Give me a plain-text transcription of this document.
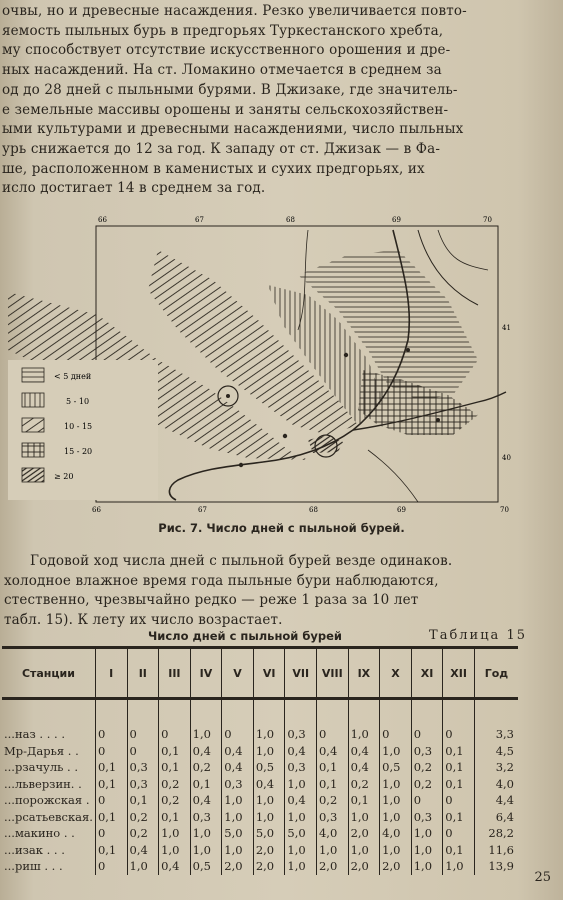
очвы, но и древесные насаждения. Резко увеличивается повто-
яемость пыльных бурь в предгорьях Туркестанского хребта,
му способствует отсутствие искусственного орошения и дре-
ных насаждений. На ст. Ломакино отмечается в среднем за
од до 28 дней с пыльными бурями. В Джизаке, где значитель-
е земельные массивы орошены и заняты сельскохозяйствен-
ыми культурами и древесными насаждениями, число пыльных
урь снижается до 12 за год. К западу от ст. Джизак — в Фа-
ше, расположенном в каменистых и сухих предгорьях, их
исло достигает 14 в среднем за год.
66	67	68	69	70
66	67	68	69	70
41
40
< 5 дней
5 - 10
10 - 15
15 - 20
≥ 20
Рис. 7. Число дней с пыльной бурей.
Годовой ход числа дней с пыльной бурей везде одинаков.
холодное влажное время года пыльные бури наблюдаются,
стественно, чрезвычайно редко — реже 1 раза за 10 лет
табл. 15). К лету их число возрастает.
Число дней с пыльной бурей	Таблица 15
Станции	I	II	III	IV	V	VI	VII	VIII	IX	X	XI	XII	Год

...наз . . . .	0	0	0	1,0	0	1,0	0,3	0	1,0	0	0	0	3,3
Мр-Дарья . .	0	0	0,1	0,4	0,4	1,0	0,4	0,4	0,4	1,0	0,3	0,1	4,5
...рзачуль . .	0,1	0,3	0,1	0,2	0,4	0,5	0,3	0,1	0,4	0,5	0,2	0,1	3,2
...льверзин. .	0,1	0,3	0,2	0,1	0,3	0,4	1,0	0,1	0,2	1,0	0,2	0,1	4,0
...порожская .	0	0,1	0,2	0,4	1,0	1,0	0,4	0,2	0,1	1,0	0	0	4,4
...рсатьевская.	0,1	0,2	0,1	0,3	1,0	1,0	1,0	0,3	1,0	1,0	0,3	0,1	6,4
...макино . .	0	0,2	1,0	1,0	5,0	5,0	5,0	4,0	2,0	4,0	1,0	0	28,2
...изак . . .	0,1	0,4	1,0	1,0	1,0	2,0	1,0	1,0	1,0	1,0	1,0	0,1	11,6
...риш . . .	0	1,0	0,4	0,5	2,0	2,0	1,0	2,0	2,0	2,0	1,0	1,0	13,9
25
